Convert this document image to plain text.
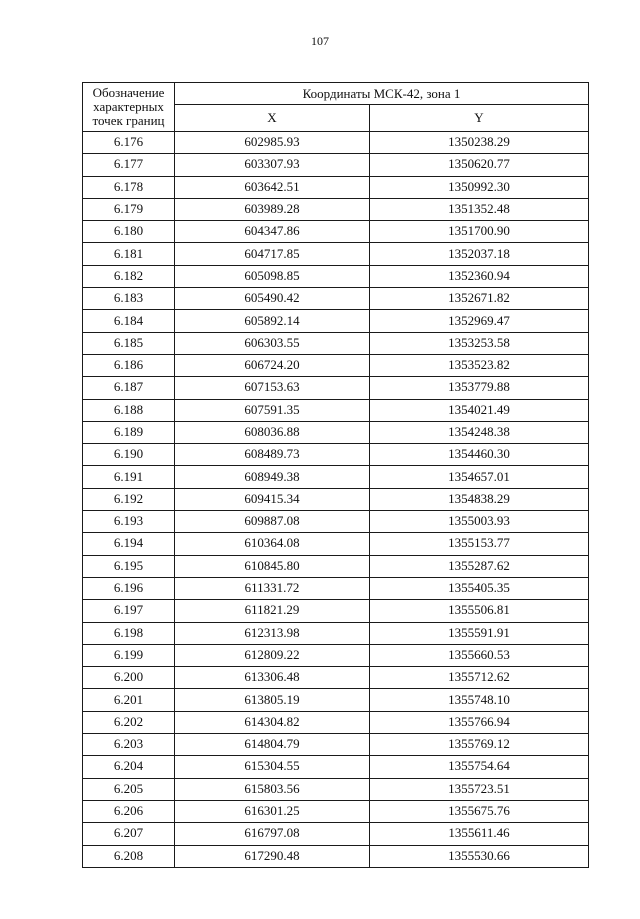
107
Обозначение характерных точек границ	Координаты МСК-42, зона 1	
	X	Y
6.176	602985.93	1350238.29
6.177	603307.93	1350620.77
6.178	603642.51	1350992.30
6.179	603989.28	1351352.48
6.180	604347.86	1351700.90
6.181	604717.85	1352037.18
6.182	605098.85	1352360.94
6.183	605490.42	1352671.82
6.184	605892.14	1352969.47
6.185	606303.55	1353253.58
6.186	606724.20	1353523.82
6.187	607153.63	1353779.88
6.188	607591.35	1354021.49
6.189	608036.88	1354248.38
6.190	608489.73	1354460.30
6.191	608949.38	1354657.01
6.192	609415.34	1354838.29
6.193	609887.08	1355003.93
6.194	610364.08	1355153.77
6.195	610845.80	1355287.62
6.196	611331.72	1355405.35
6.197	611821.29	1355506.81
6.198	612313.98	1355591.91
6.199	612809.22	1355660.53
6.200	613306.48	1355712.62
6.201	613805.19	1355748.10
6.202	614304.82	1355766.94
6.203	614804.79	1355769.12
6.204	615304.55	1355754.64
6.205	615803.56	1355723.51
6.206	616301.25	1355675.76
6.207	616797.08	1355611.46
6.208	617290.48	1355530.66
